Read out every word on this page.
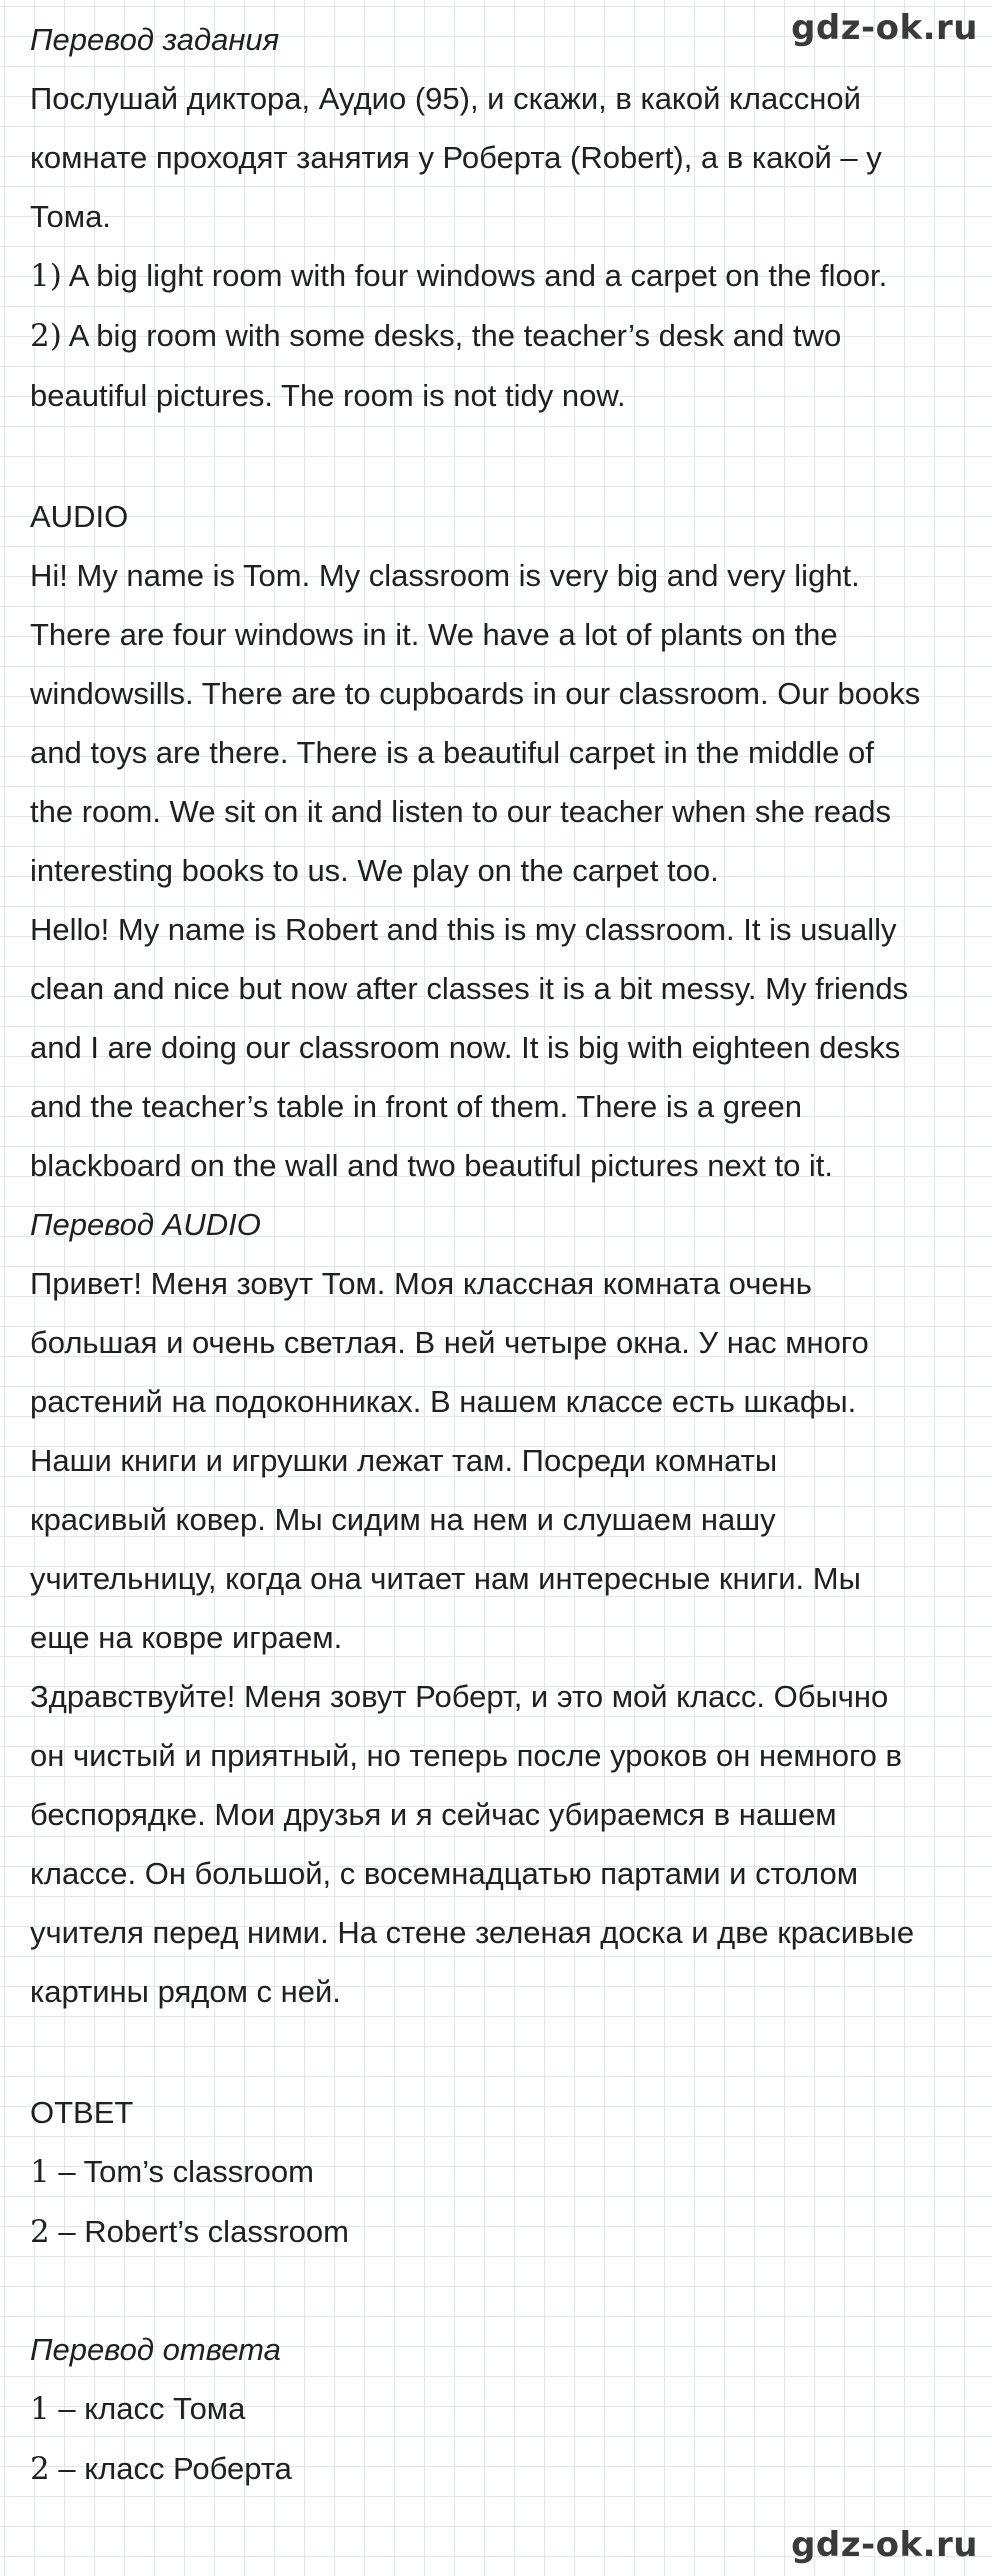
gdz-ok.ru
Перевод задания
Послушай диктора, Аудио (95), и скажи, в какой классной
комнате проходят занятия у Роберта (Robert), а в какой – у
Тома.
1) A big light room with four windows and a carpet on the floor.
2) A big room with some desks, the teacher’s desk and two
beautiful pictures. The room is not tidy now.
AUDIO
Hi! My name is Tom. My classroom is very big and very light.
There are four windows in it. We have a lot of plants on the
windowsills. There are to cupboards in our classroom. Our books
and toys are there. There is a beautiful carpet in the middle of
the room. We sit on it and listen to our teacher when she reads
interesting books to us. We play on the carpet too.
Hello! My name is Robert and this is my classroom. It is usually
clean and nice but now after classes it is a bit messy. My friends
and I are doing our classroom now. It is big with eighteen desks
and the teacher’s table in front of them. There is a green
blackboard on the wall and two beautiful pictures next to it.
Перевод AUDIO
Привет! Меня зовут Том. Моя классная комната очень
большая и очень светлая. В ней четыре окна. У нас много
растений на подоконниках. В нашем классе есть шкафы.
Наши книги и игрушки лежат там. Посреди комнаты
красивый ковер. Мы сидим на нем и слушаем нашу
учительницу, когда она читает нам интересные книги. Мы
еще на ковре играем.
Здравствуйте! Меня зовут Роберт, и это мой класс. Обычно
он чистый и приятный, но теперь после уроков он немного в
беспорядке. Мои друзья и я сейчас убираемся в нашем
классе. Он большой, с восемнадцатью партами и столом
учителя перед ними. На стене зеленая доска и две красивые
картины рядом с ней.
ОТВЕТ
1 – Tom’s classroom
2 – Robert’s classroom
Перевод ответа
1 – класс Тома
2 – класс Роберта
gdz-ok.ru
